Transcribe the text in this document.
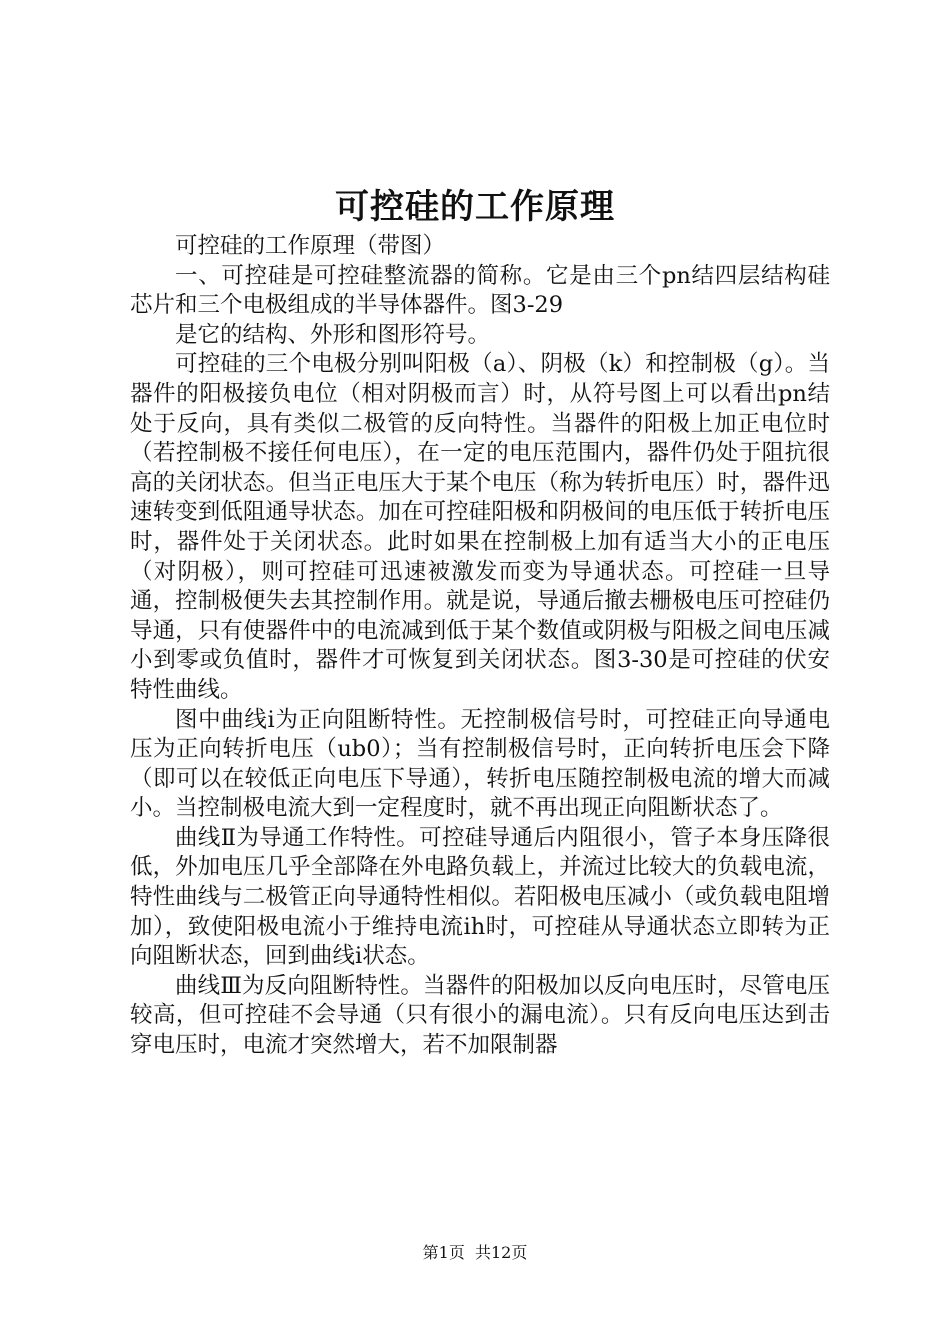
可控硅的工作原理

可控硅的工作原理（带图）

一、可控硅是可控硅整流器的简称。它是由三个pn结四层结构硅芯片和三个电极组成的半导体器件。图3-29

是它的结构、外形和图形符号。

可控硅的三个电极分别叫阳极（a）、阴极（k）和控制极（g）。当器件的阳极接负电位（相对阴极而言）时，从符号图上可以看出pn结处于反向，具有类似二极管的反向特性。当器件的阳极上加正电位时（若控制极不接任何电压），在一定的电压范围内，器件仍处于阻抗很高的关闭状态。但当正电压大于某个电压（称为转折电压）时，器件迅速转变到低阻通导状态。加在可控硅阳极和阴极间的电压低于转折电压时，器件处于关闭状态。此时如果在控制极上加有适当大小的正电压（对阴极），则可控硅可迅速被激发而变为导通状态。可控硅一旦导通，控制极便失去其控制作用。就是说，导通后撤去栅极电压可控硅仍导通，只有使器件中的电流减到低于某个数值或阴极与阳极之间电压减小到零或负值时，器件才可恢复到关闭状态。图3-30是可控硅的伏安特性曲线。

图中曲线i为正向阻断特性。无控制极信号时，可控硅正向导通电压为正向转折电压（ub0）；当有控制极信号时，正向转折电压会下降（即可以在较低正向电压下导通），转折电压随控制极电流的增大而减小。当控制极电流大到一定程度时，就不再出现正向阻断状态了。

曲线Ⅱ为导通工作特性。可控硅导通后内阻很小，管子本身压降很低，外加电压几乎全部降在外电路负载上，并流过比较大的负载电流，特性曲线与二极管正向导通特性相似。若阳极电压减小（或负载电阻增加），致使阳极电流小于维持电流ih时，可控硅从导通状态立即转为正向阻断状态，回到曲线i状态。

曲线Ⅲ为反向阻断特性。当器件的阳极加以反向电压时，尽管电压较高，但可控硅不会导通（只有很小的漏电流）。只有反向电压达到击穿电压时，电流才突然增大，若不加限制器

第1页  共12页
